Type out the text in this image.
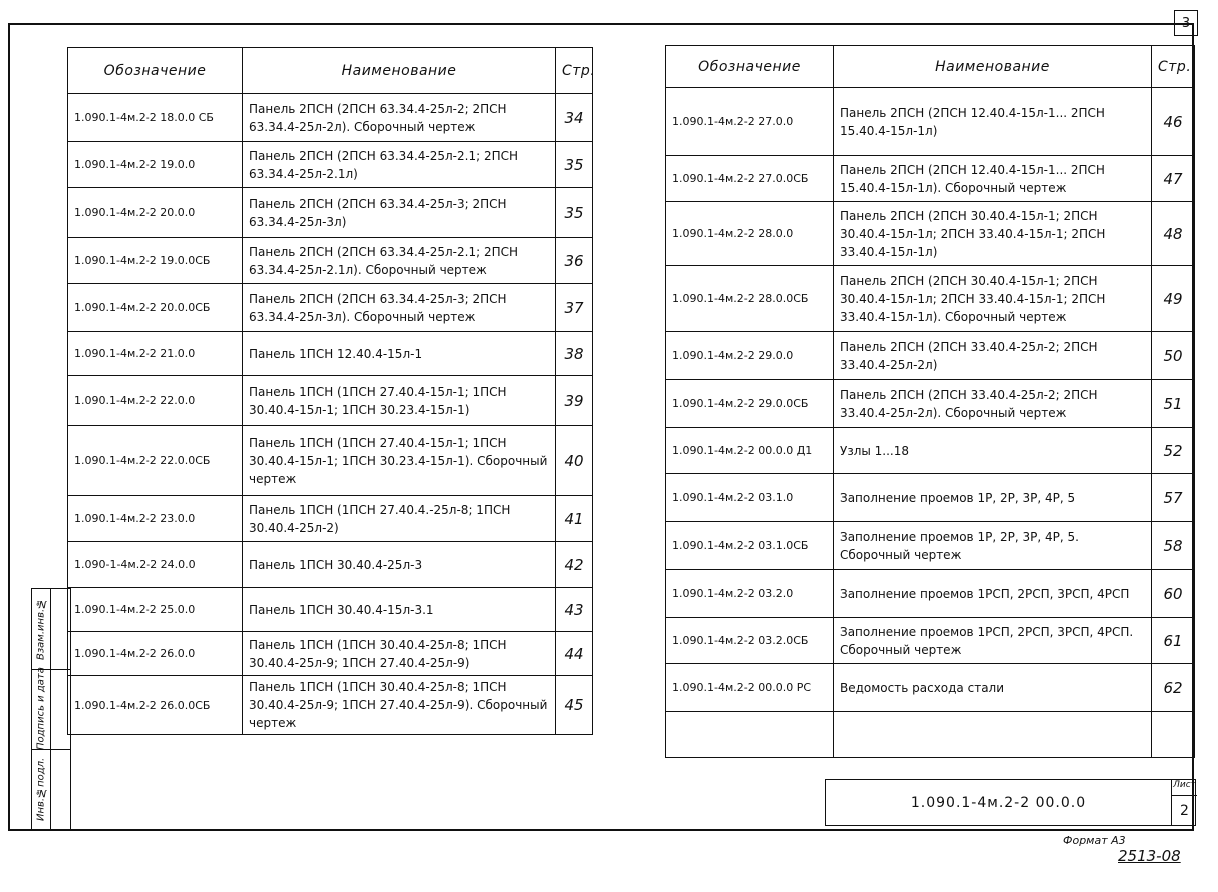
3
Взам.инв.№
Подпись и дата
Инв.№подл.
Обозначение	Наименование	Стр.
1.090.1-4м.2-2 18.0.0 СБ	Панель 2ПСН (2ПСН 63.34.4-25л-2; 2ПСН 63.34.4-25л-2л). Сборочный чертеж	34
1.090.1-4м.2-2 19.0.0	Панель 2ПСН (2ПСН 63.34.4-25л-2.1; 2ПСН 63.34.4-25л-2.1л)	35
1.090.1-4м.2-2 20.0.0	Панель 2ПСН (2ПСН 63.34.4-25л-3; 2ПСН 63.34.4-25л-3л)	35
1.090.1-4м.2-2 19.0.0СБ	Панель 2ПСН (2ПСН 63.34.4-25л-2.1; 2ПСН 63.34.4-25л-2.1л). Сборочный чертеж	36
1.090.1-4м.2-2 20.0.0СБ	Панель 2ПСН (2ПСН 63.34.4-25л-3; 2ПСН 63.34.4-25л-3л). Сборочный чертеж	37
1.090.1-4м.2-2 21.0.0	Панель 1ПСН 12.40.4-15л-1	38
1.090.1-4м.2-2 22.0.0	Панель 1ПСН (1ПСН 27.40.4-15л-1; 1ПСН 30.40.4-15л-1; 1ПСН 30.23.4-15л-1)	39
1.090.1-4м.2-2 22.0.0СБ	Панель 1ПСН (1ПСН 27.40.4-15л-1; 1ПСН 30.40.4-15л-1; 1ПСН 30.23.4-15л-1). Сборочный чертеж	40
1.090.1-4м.2-2 23.0.0	Панель 1ПСН (1ПСН 27.40.4.-25л-8; 1ПСН 30.40.4-25л-2)	41
1.090-1-4м.2-2 24.0.0	Панель 1ПСН 30.40.4-25л-3	42
1.090.1-4м.2-2 25.0.0	Панель 1ПСН 30.40.4-15л-3.1	43
1.090.1-4м.2-2 26.0.0	Панель 1ПСН (1ПСН 30.40.4-25л-8; 1ПСН 30.40.4-25л-9; 1ПСН 27.40.4-25л-9)	44
1.090.1-4м.2-2 26.0.0СБ	Панель 1ПСН (1ПСН 30.40.4-25л-8; 1ПСН 30.40.4-25л-9; 1ПСН 27.40.4-25л-9). Сборочный чертеж	45
Обозначение	Наименование	Стр.
1.090.1-4м.2-2 27.0.0	Панель 2ПСН (2ПСН 12.40.4-15л-1... 2ПСН 15.40.4-15л-1л)	46
1.090.1-4м.2-2 27.0.0СБ	Панель 2ПСН (2ПСН 12.40.4-15л-1... 2ПСН 15.40.4-15л-1л). Сборочный чертеж	47
1.090.1-4м.2-2 28.0.0	Панель 2ПСН (2ПСН 30.40.4-15л-1; 2ПСН 30.40.4-15л-1л; 2ПСН 33.40.4-15л-1; 2ПСН 33.40.4-15л-1л)	48
1.090.1-4м.2-2 28.0.0СБ	Панель 2ПСН (2ПСН 30.40.4-15л-1; 2ПСН 30.40.4-15л-1л; 2ПСН 33.40.4-15л-1; 2ПСН 33.40.4-15л-1л). Сборочный чертеж	49
1.090.1-4м.2-2 29.0.0	Панель 2ПСН (2ПСН 33.40.4-25л-2; 2ПСН 33.40.4-25л-2л)	50
1.090.1-4м.2-2 29.0.0СБ	Панель 2ПСН (2ПСН 33.40.4-25л-2; 2ПСН 33.40.4-25л-2л). Сборочный чертеж	51
1.090.1-4м.2-2 00.0.0 Д1	Узлы 1...18	52
1.090.1-4м.2-2 03.1.0	Заполнение проемов 1Р, 2Р, 3Р, 4Р, 5	57
1.090.1-4м.2-2 03.1.0СБ	Заполнение проемов 1Р, 2Р, 3Р, 4Р, 5. Сборочный чертеж	58
1.090.1-4м.2-2 03.2.0	Заполнение проемов 1РСП, 2РСП, 3РСП, 4РСП	60
1.090.1-4м.2-2 03.2.0СБ	Заполнение проемов 1РСП, 2РСП, 3РСП, 4РСП. Сборочный чертеж	61
1.090.1-4м.2-2 00.0.0 РС	Ведомость расхода стали	62

1.090.1-4м.2-2 00.0.0
Лист
2
Формат А3
2513-08
